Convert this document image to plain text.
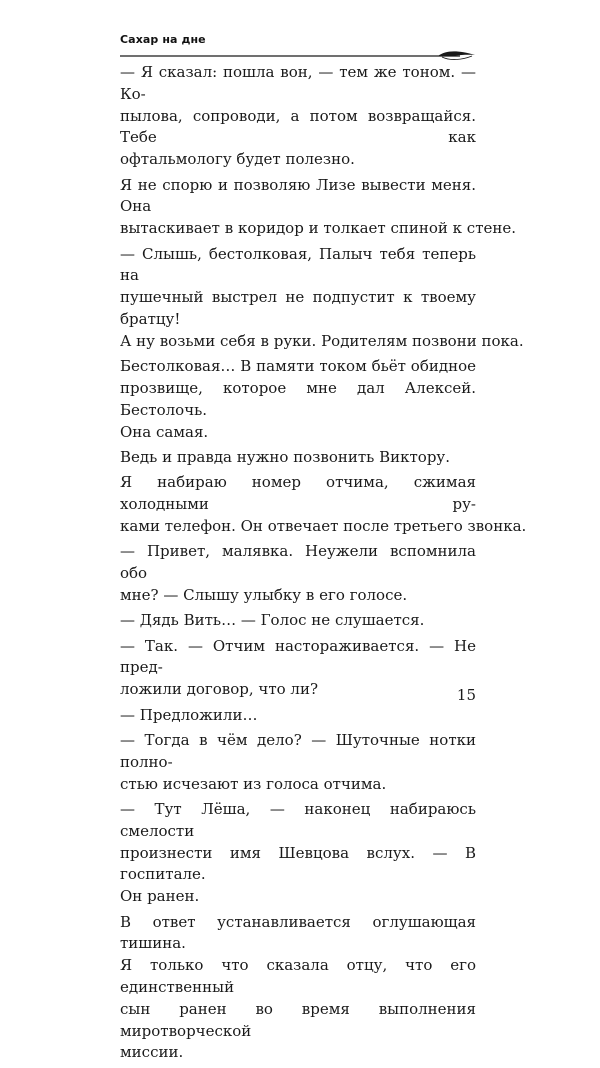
Сахар на дне

— Я сказал: пошла вон, — тем же тоном. — Ко-
пылова, сопроводи, а потом возвращайся. Тебе как
офтальмологу будет полезно.

Я не спорю и позволяю Лизе вывести меня. Она
вытаскивает в коридор и толкает спиной к стене.

— Слышь, бестолковая, Палыч тебя теперь на
пушечный выстрел не подпустит к твоему братцу!
А ну возьми себя в руки. Родителям позвони пока.

Бестолковая… В памяти током бьёт обидное
прозвище, которое мне дал Алексей. Бестолочь.
Она самая.

Ведь и правда нужно позвонить Виктору.

Я набираю номер отчима, сжимая холодными ру-
ками телефон. Он отвечает после третьего звонка.

— Привет, малявка. Неужели вспомнила обо
мне? — Слышу улыбку в его голосе.

— Дядь Вить… — Голос не слушается.

— Так. — Отчим настораживается. — Не пред-
ложили договор, что ли?

— Предложили…

— Тогда в чём дело? — Шуточные нотки полно-
стью исчезают из голоса отчима.

— Тут Лёша, — наконец набираюсь смелости
произнести имя Шевцова вслух. — В госпитале.
Он ранен.

В ответ устанавливается оглушающая тишина.
Я только что сказала отцу, что его единственный
сын ранен во время выполнения миротворческой
миссии.

15
